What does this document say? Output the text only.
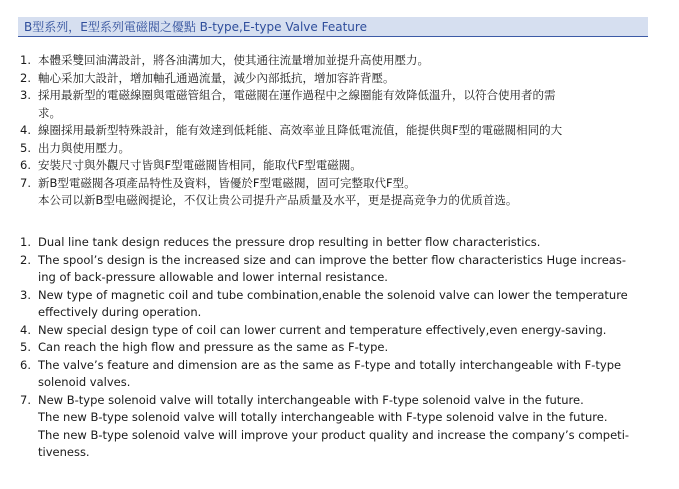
B型系列，E型系列電磁閥之優點 B-type,E-type Valve Feature
1. 本體采雙回油溝設計，將各油溝加大，使其通往流量增加並提升高使用壓力。
2. 軸心采加大設計，增加軸孔通過流量，減少內部抵抗，增加容許背壓。
3. 採用最新型的電磁線圈與電磁管組合，電磁閥在運作過程中之線圈能有效降低溫升，以符合使用者的需
求。
4. 線圈採用最新型特殊設計，能有效達到低耗能、高效率並且降低電流值，能提供與F型的電磁閥相同的大
5. 出力與使用壓力。
6. 安裝尺寸與外觀尺寸皆與F型電磁閥皆相同，能取代F型電磁閥。
7. 新B型電磁閥各項產品特性及資料，皆優於F型電磁閥，固可完整取代F型。
本公司以新B型电磁阀提论，不仅让贵公司提升产品质量及水平，更是提高竞争力的优质首选。
1. Dual line tank design reduces the pressure drop resulting in better flow characteristics.
2. The spool’s design is the increased size and can improve the better flow characteristics Huge increas-
ing of back-pressure allowable and lower internal resistance.
3. New type of magnetic coil and tube combination,enable the solenoid valve can lower the temperature
effectively during operation.
4. New special design type of coil can lower current and temperature effectively,even energy-saving.
5. Can reach the high flow and pressure as the same as F-type.
6. The valve’s feature and dimension are as the same as F-type and totally interchangeable with F-type
solenoid valves.
7. New B-type solenoid valve will totally interchangeable with F-type solenoid valve in the future.
The new B-type solenoid valve will totally interchangeable with F-type solenoid valve in the future.
The new B-type solenoid valve will improve your product quality and increase the company’s competi-
tiveness.
